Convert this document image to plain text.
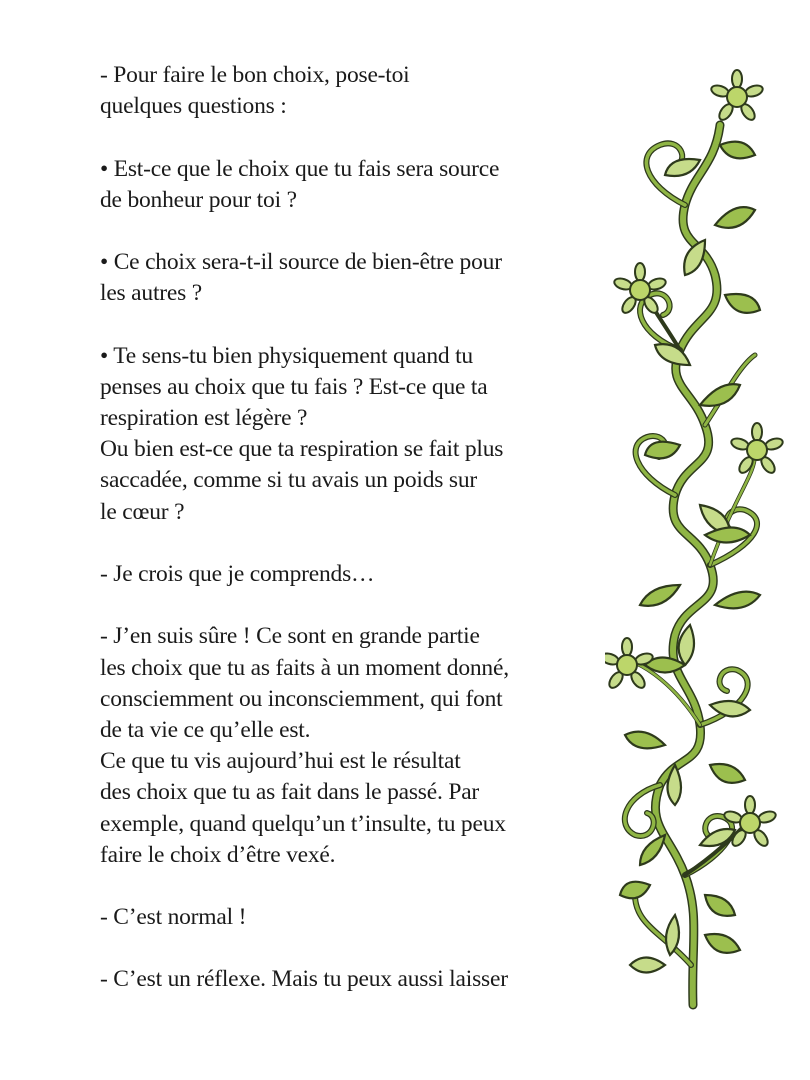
- Pour faire le bon choix, pose-toi
quelques questions :
• Est-ce que le choix que tu fais sera source
de bonheur pour toi ?
• Ce choix sera-t-il source de bien-être pour
les autres ?
• Te sens-tu bien physiquement quand tu
penses au choix que tu fais ? Est-ce que ta
respiration est légère ?
Ou bien est-ce que ta respiration se fait plus
saccadée, comme si tu avais un poids sur
le cœur ?
- Je crois que je comprends…
- J’en suis sûre ! Ce sont en grande partie
les choix que tu as faits à un moment donné,
consciemment ou inconsciemment, qui font
de ta vie ce qu’elle est.
Ce que tu vis aujourd’hui est le résultat
des choix que tu as fait dans le passé. Par
exemple, quand quelqu’un t’insulte, tu peux
faire le choix d’être vexé.
- C’est normal !
- C’est un réflexe. Mais tu peux aussi laisser
